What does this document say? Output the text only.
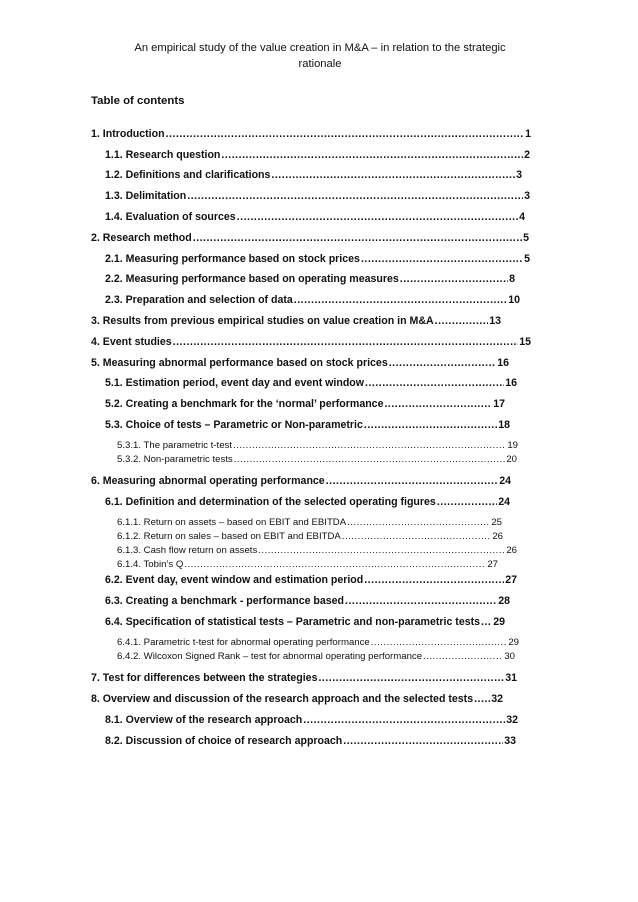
An empirical study of the value creation in M&A – in relation to the strategic
rationale
Table of contents
1. Introduction .....	1
1.1. Research question .....	2
1.2. Definitions and clarifications .....	3
1.3. Delimitation .....	3
1.4. Evaluation of sources .....	4
2. Research method .....	5
2.1. Measuring performance based on stock prices .....	5
2.2. Measuring performance based on operating measures .....	8
2.3. Preparation and selection of data .....	10
3. Results from previous empirical studies on value creation in M&A .....	13
4. Event studies .....	15
5. Measuring abnormal performance based on stock prices .....	16
5.1. Estimation period, event day and event window .....	16
5.2. Creating a benchmark for the ‘normal’ performance .....	17
5.3. Choice of tests – Parametric or Non-parametric .....	18
5.3.1. The parametric t-test .....	19
5.3.2. Non-parametric tests .....	20
6. Measuring abnormal operating performance .....	24
6.1. Definition and determination of the selected operating figures .....	24
6.1.1. Return on assets – based on EBIT and EBITDA .....	25
6.1.2. Return on sales – based on EBIT and EBITDA .....	26
6.1.3. Cash flow return on assets .....	26
6.1.4. Tobin’s Q .....	27
6.2. Event day, event window and estimation period .....	27
6.3. Creating a benchmark - performance based .....	28
6.4. Specification of statistical tests – Parametric and non-parametric tests ..... 29
6.4.1. Parametric t-test for abnormal operating performance .....	29
6.4.2. Wilcoxon Signed Rank – test for abnormal operating performance .....	30
7. Test for differences between the strategies .....	31
8. Overview and discussion of the research approach and the selected tests ..... 32
8.1. Overview of the research approach .....	32
8.2. Discussion of choice of research approach .....	33
